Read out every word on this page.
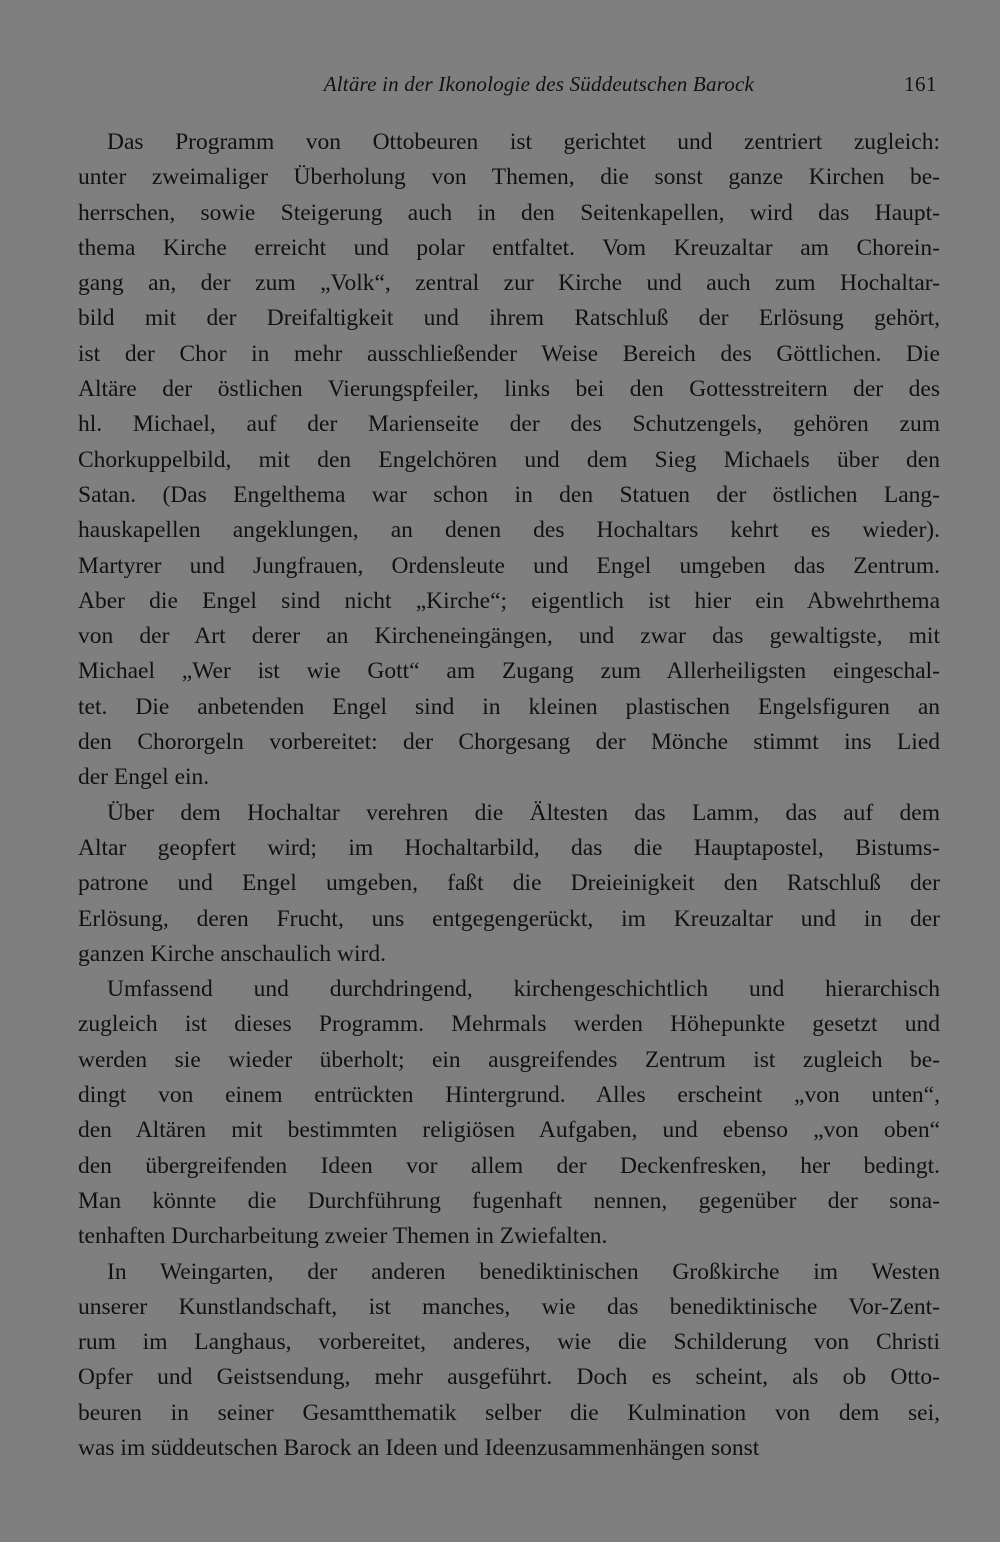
Altäre in der Ikonologie des Süddeutschen Barock	161
Das Programm von Ottobeuren ist gerichtet und zentriert zugleich:
unter zweimaliger Überholung von Themen, die sonst ganze Kirchen be-
herrschen, sowie Steigerung auch in den Seitenkapellen, wird das Haupt-
thema Kirche erreicht und polar entfaltet. Vom Kreuzaltar am Chorein-
gang an, der zum „Volk“, zentral zur Kirche und auch zum Hochaltar-
bild mit der Dreifaltigkeit und ihrem Ratschluß der Erlösung gehört,
ist der Chor in mehr ausschließender Weise Bereich des Göttlichen. Die
Altäre der östlichen Vierungspfeiler, links bei den Gottesstreitern der des
hl. Michael, auf der Marienseite der des Schutzengels, gehören zum
Chorkuppelbild, mit den Engelchören und dem Sieg Michaels über den
Satan. (Das Engelthema war schon in den Statuen der östlichen Lang-
hauskapellen angeklungen, an denen des Hochaltars kehrt es wieder).
Martyrer und Jungfrauen, Ordensleute und Engel umgeben das Zentrum.
Aber die Engel sind nicht „Kirche“; eigentlich ist hier ein Abwehrthema
von der Art derer an Kircheneingängen, und zwar das gewaltigste, mit
Michael „Wer ist wie Gott“ am Zugang zum Allerheiligsten eingeschal-
tet. Die anbetenden Engel sind in kleinen plastischen Engelsfiguren an
den Chororgeln vorbereitet: der Chorgesang der Mönche stimmt ins Lied
der Engel ein.
Über dem Hochaltar verehren die Ältesten das Lamm, das auf dem
Altar geopfert wird; im Hochaltarbild, das die Hauptapostel, Bistums-
patrone und Engel umgeben, faßt die Dreieinigkeit den Ratschluß der
Erlösung, deren Frucht, uns entgegengerückt, im Kreuzaltar und in der
ganzen Kirche anschaulich wird.
Umfassend und durchdringend, kirchengeschichtlich und hierarchisch
zugleich ist dieses Programm. Mehrmals werden Höhepunkte gesetzt und
werden sie wieder überholt; ein ausgreifendes Zentrum ist zugleich be-
dingt von einem entrückten Hintergrund. Alles erscheint „von unten“,
den Altären mit bestimmten religiösen Aufgaben, und ebenso „von oben“
den übergreifenden Ideen vor allem der Deckenfresken, her bedingt.
Man könnte die Durchführung fugenhaft nennen, gegenüber der sona-
tenhaften Durcharbeitung zweier Themen in Zwiefalten.
In Weingarten, der anderen benediktinischen Großkirche im Westen
unserer Kunstlandschaft, ist manches, wie das benediktinische Vor-Zent-
rum im Langhaus, vorbereitet, anderes, wie die Schilderung von Christi
Opfer und Geistsendung, mehr ausgeführt. Doch es scheint, als ob Otto-
beuren in seiner Gesamtthematik selber die Kulmination von dem sei,
was im süddeutschen Barock an Ideen und Ideenzusammenhängen sonst
